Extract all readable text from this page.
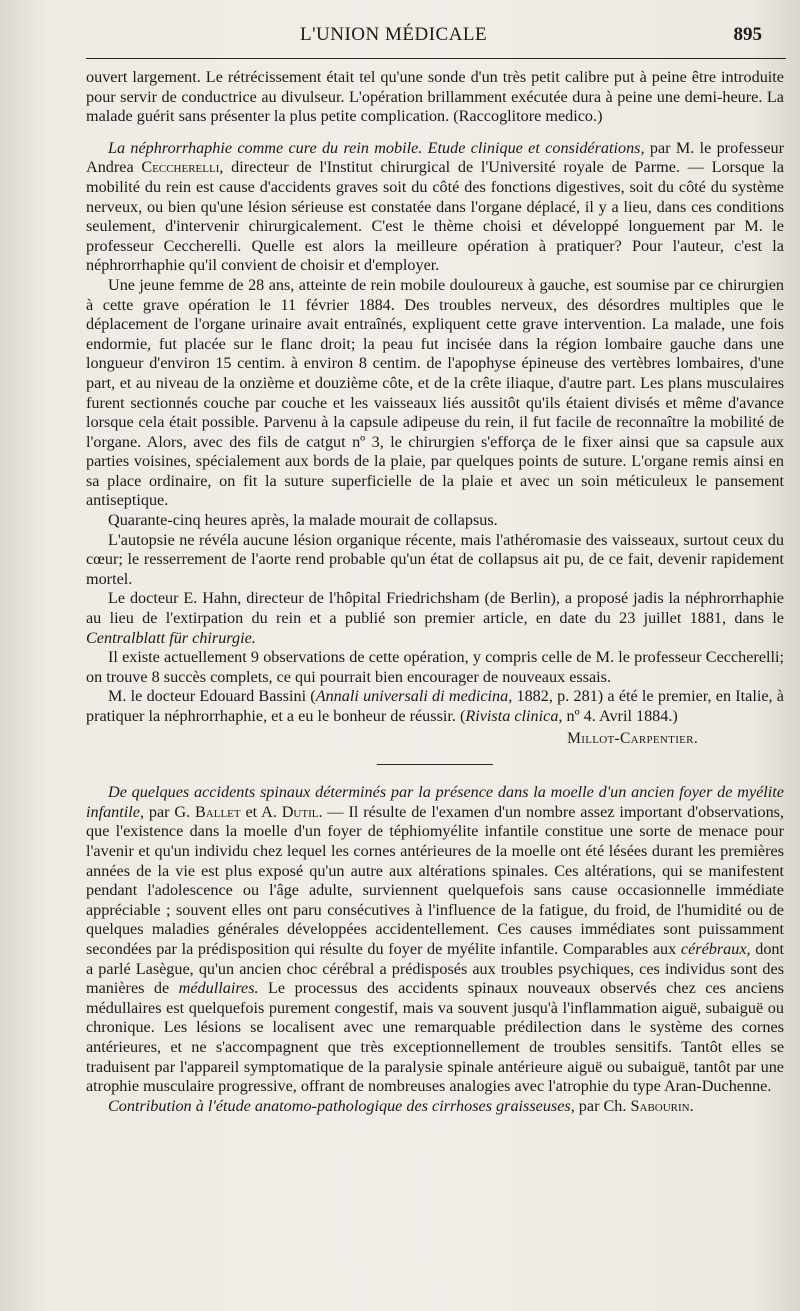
L'UNION MÉDICALE	895

ouvert largement. Le rétrécissement était tel qu'une sonde d'un très petit calibre put à peine être introduite pour servir de conductrice au divulseur. L'opération brillamment exécutée dura à peine une demi-heure. La malade guérit sans présenter la plus petite complication. (Raccoglitore medico.)

La néphrorrhaphie comme cure du rein mobile. Etude clinique et considérations, par M. le professeur Andrea Ceccherelli, directeur de l'Institut chirurgical de l'Université royale de Parme. — Lorsque la mobilité du rein est cause d'accidents graves soit du côté des fonctions digestives, soit du côté du système nerveux, ou bien qu'une lésion sérieuse est constatée dans l'organe déplacé, il y a lieu, dans ces conditions seulement, d'intervenir chirurgicalement. C'est le thème choisi et développé longuement par M. le professeur Ceccherelli. Quelle est alors la meilleure opération à pratiquer? Pour l'auteur, c'est la néphrorrhaphie qu'il convient de choisir et d'employer.

Une jeune femme de 28 ans, atteinte de rein mobile douloureux à gauche, est soumise par ce chirurgien à cette grave opération le 11 février 1884. Des troubles nerveux, des désordres multiples que le déplacement de l'organe urinaire avait entraînés, expliquent cette grave intervention. La malade, une fois endormie, fut placée sur le flanc droit; la peau fut incisée dans la région lombaire gauche dans une longueur d'environ 15 centim. à environ 8 centim. de l'apophyse épineuse des vertèbres lombaires, d'une part, et au niveau de la onzième et douzième côte, et de la crête iliaque, d'autre part. Les plans musculaires furent sectionnés couche par couche et les vaisseaux liés aussitôt qu'ils étaient divisés et même d'avance lorsque cela était possible. Parvenu à la capsule adipeuse du rein, il fut facile de reconnaître la mobilité de l'organe. Alors, avec des fils de catgut nº 3, le chirurgien s'efforça de le fixer ainsi que sa capsule aux parties voisines, spécialement aux bords de la plaie, par quelques points de suture. L'organe remis ainsi en sa place ordinaire, on fit la suture superficielle de la plaie et avec un soin méticuleux le pansement antiseptique.

Quarante-cinq heures après, la malade mourait de collapsus.

L'autopsie ne révéla aucune lésion organique récente, mais l'athéromasie des vaisseaux, surtout ceux du cœur; le resserrement de l'aorte rend probable qu'un état de collapsus ait pu, de ce fait, devenir rapidement mortel.

Le docteur E. Hahn, directeur de l'hôpital Friedrichsham (de Berlin), a proposé jadis la néphrorrhaphie au lieu de l'extirpation du rein et a publié son premier article, en date du 23 juillet 1881, dans le Centralblatt für chirurgie.

Il existe actuellement 9 observations de cette opération, y compris celle de M. le professeur Ceccherelli; on trouve 8 succès complets, ce qui pourrait bien encourager de nouveaux essais.

M. le docteur Edouard Bassini (Annali universali di medicina, 1882, p. 281) a été le premier, en Italie, à pratiquer la néphrorrhaphie, et a eu le bonheur de réussir. (Rivista clinica, nº 4. Avril 1884.)

Millot-Carpentier.

De quelques accidents spinaux déterminés par la présence dans la moelle d'un ancien foyer de myélite infantile, par G. Ballet et A. Dutil. — Il résulte de l'examen d'un nombre assez important d'observations, que l'existence dans la moelle d'un foyer de téphiomyélite infantile constitue une sorte de menace pour l'avenir et qu'un individu chez lequel les cornes antérieures de la moelle ont été lésées durant les premières années de la vie est plus exposé qu'un autre aux altérations spinales. Ces altérations, qui se manifestent pendant l'adolescence ou l'âge adulte, surviennent quelquefois sans cause occasionnelle immédiate appréciable ; souvent elles ont paru consécutives à l'influence de la fatigue, du froid, de l'humidité ou de quelques maladies générales développées accidentellement. Ces causes immédiates sont puissamment secondées par la prédisposition qui résulte du foyer de myélite infantile. Comparables aux cérébraux, dont a parlé Lasègue, qu'un ancien choc cérébral a prédisposés aux troubles psychiques, ces individus sont des manières de médullaires. Le processus des accidents spinaux nouveaux observés chez ces anciens médullaires est quelquefois purement congestif, mais va souvent jusqu'à l'inflammation aiguë, subaiguë ou chronique. Les lésions se localisent avec une remarquable prédilection dans le système des cornes antérieures, et ne s'accompagnent que très exceptionnellement de troubles sensitifs. Tantôt elles se traduisent par l'appareil symptomatique de la paralysie spinale antérieure aiguë ou subaiguë, tantôt par une atrophie musculaire progressive, offrant de nombreuses analogies avec l'atrophie du type Aran-Duchenne.

Contribution à l'étude anatomo-pathologique des cirrhoses graisseuses, par Ch. Sabourin.
